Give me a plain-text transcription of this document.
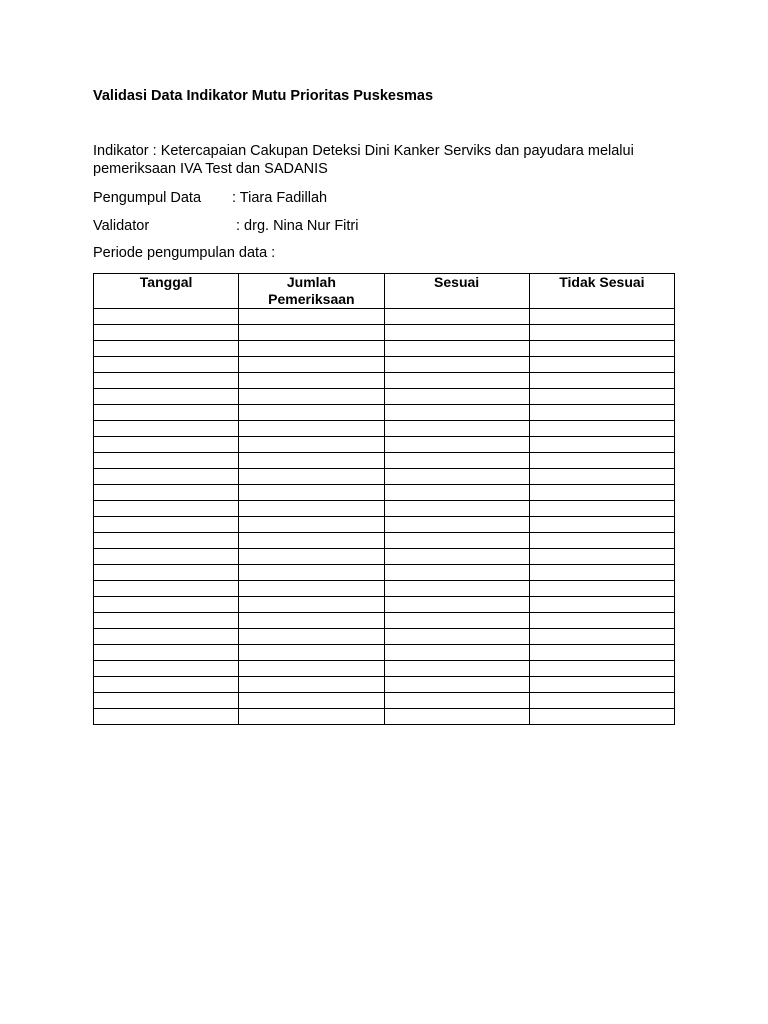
Validasi Data Indikator Mutu Prioritas Puskesmas
Indikator : Ketercapaian Cakupan Deteksi Dini Kanker Serviks dan payudara melalui pemeriksaan IVA Test dan SADANIS
Pengumpul Data : Tiara Fadillah
Validator	: drg. Nina Nur Fitri
Periode pengumpulan data :
Tanggal	Jumlah Pemeriksaan	Sesuai	Tidak Sesuai
